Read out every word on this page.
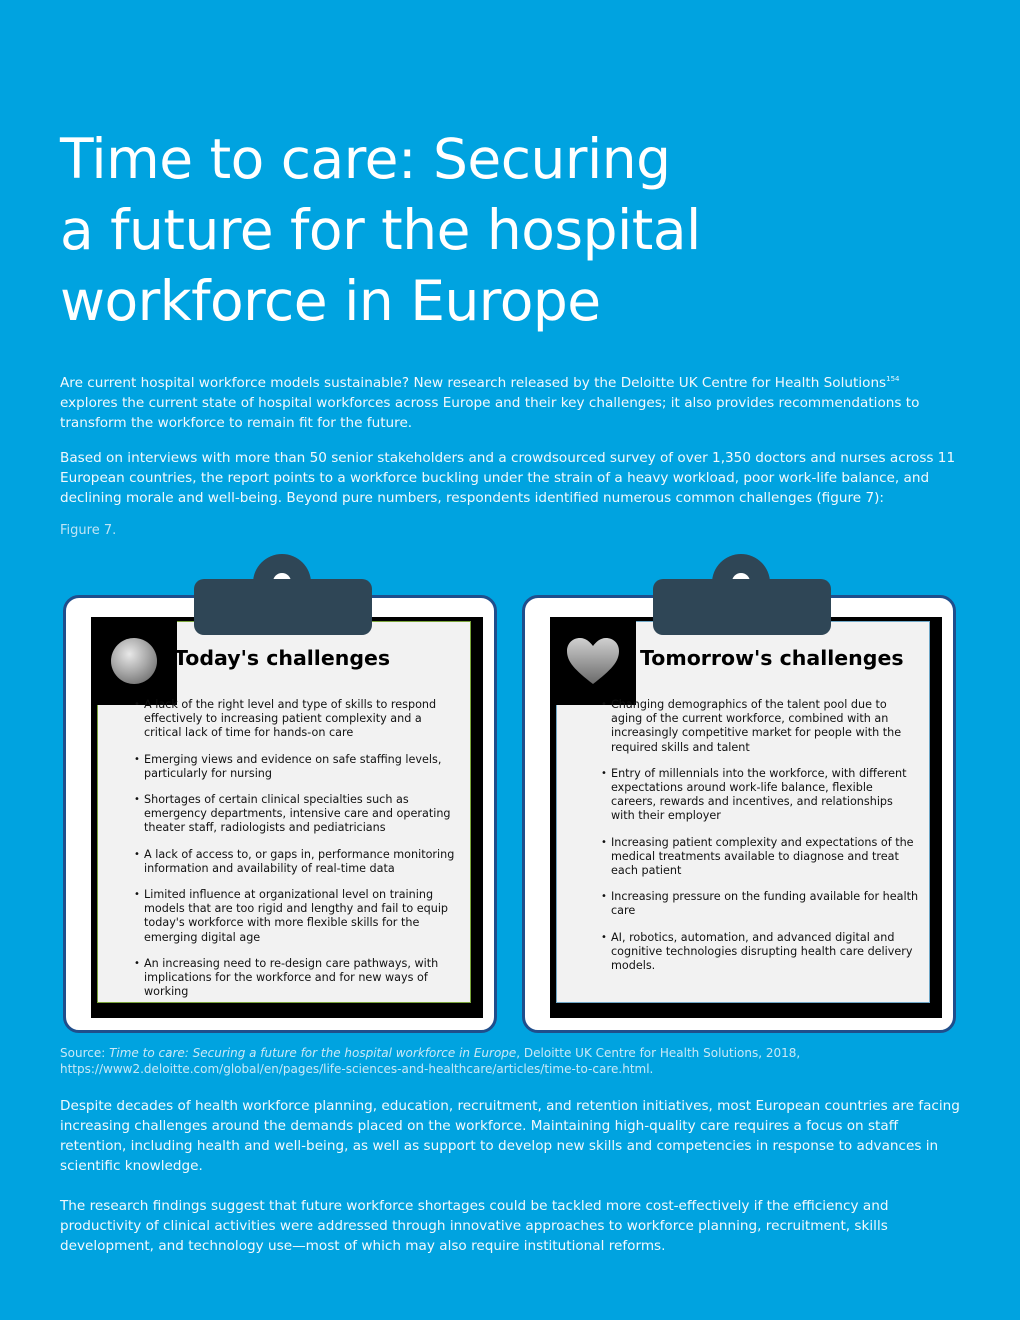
Time to care: Securing
a future for the hospital
workforce in Europe

Are current hospital workforce models sustainable? New research released by the Deloitte UK Centre for Health Solutions$^{154}$ explores the current state of hospital workforces across Europe and their key challenges; it also provides recommendations to transform the workforce to remain fit for the future.

Based on interviews with more than 50 senior stakeholders and a crowdsourced survey of over 1,350 doctors and nurses across 11 European countries, the report points to a workforce buckling under the strain of a heavy workload, poor work-life balance, and declining morale and well-being. Beyond pure numbers, respondents identified numerous common challenges (figure 7):

Figure 7.
Today's challenges
• A lack of the right level and type of skills to respond effectively to increasing patient complexity and a critical lack of time for hands-on care
• Emerging views and evidence on safe staffing levels, particularly for nursing
• Shortages of certain clinical specialties such as emergency departments, intensive care and operating theater staff, radiologists and pediatricians
• A lack of access to, or gaps in, performance monitoring information and availability of real-time data
• Limited influence at organizational level on training models that are too rigid and lengthy and fail to equip today's workforce with more flexible skills for the emerging digital age
• An increasing need to re-design care pathways, with implications for the workforce and for new ways of working
Tomorrow's challenges
• Changing demographics of the talent pool due to aging of the current workforce, combined with an increasingly competitive market for people with the required skills and talent
• Entry of millennials into the workforce, with different expectations around work-life balance, flexible careers, rewards and incentives, and relationships with their employer
• Increasing patient complexity and expectations of the medical treatments available to diagnose and treat each patient
• Increasing pressure on the funding available for health care
• AI, robotics, automation, and advanced digital and cognitive technologies disrupting health care delivery models.
Source: Time to care: Securing a future for the hospital workforce in Europe, Deloitte UK Centre for Health Solutions, 2018,
https://www2.deloitte.com/global/en/pages/life-sciences-and-healthcare/articles/time-to-care.html.

Despite decades of health workforce planning, education, recruitment, and retention initiatives, most European countries are facing increasing challenges around the demands placed on the workforce. Maintaining high-quality care requires a focus on staff retention, including health and well-being, as well as support to develop new skills and competencies in response to advances in scientific knowledge.

The research findings suggest that future workforce shortages could be tackled more cost-effectively if the efficiency and productivity of clinical activities were addressed through innovative approaches to workforce planning, recruitment, skills development, and technology use—most of which may also require institutional reforms.
